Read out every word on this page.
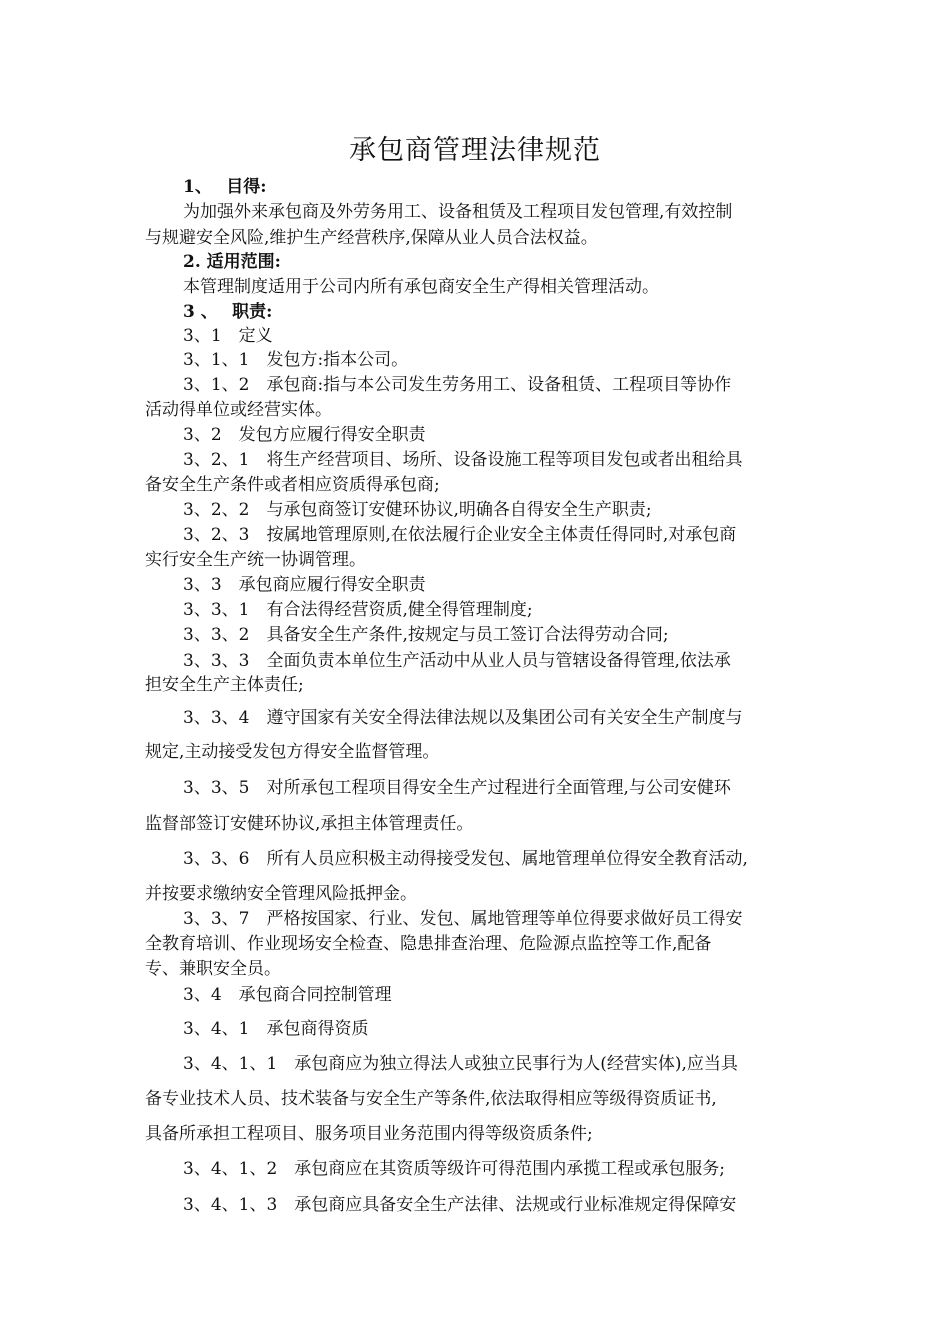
承包商管理法律规范
1、　 目得:
为加强外来承包商及外劳务用工、设备租赁及工程项目发包管理,有效控制
与规避安全风险,维护生产经营秩序,保障从业人员合法权益。
2. 适用范围:
本管理制度适用于公司内所有承包商安全生产得相关管理活动。
3 、　 职责:
3、1　定义
3、1、1　发包方:指本公司。
3、1、2　承包商:指与本公司发生劳务用工、设备租赁、工程项目等协作
活动得单位或经营实体。
3、2　发包方应履行得安全职责
3、2、1　将生产经营项目、场所、设备设施工程等项目发包或者出租给具
备安全生产条件或者相应资质得承包商;
3、2、2　与承包商签订安健环协议,明确各自得安全生产职责;
3、2、3　按属地管理原则,在依法履行企业安全主体责任得同时,对承包商
实行安全生产统一协调管理。
3、3　承包商应履行得安全职责
3、3、1　有合法得经营资质,健全得管理制度;
3、3、2　具备安全生产条件,按规定与员工签订合法得劳动合同;
3、3、3　全面负责本单位生产活动中从业人员与管辖设备得管理,依法承
担安全生产主体责任;
3、3、4　遵守国家有关安全得法律法规以及集团公司有关安全生产制度与
规定,主动接受发包方得安全监督管理。
3、3、5　对所承包工程项目得安全生产过程进行全面管理,与公司安健环
监督部签订安健环协议,承担主体管理责任。
3、3、6　所有人员应积极主动得接受发包、属地管理单位得安全教育活动,
并按要求缴纳安全管理风险抵押金。
3、3、7　严格按国家、行业、发包、属地管理等单位得要求做好员工得安
全教育培训、作业现场安全检查、隐患排查治理、危险源点监控等工作,配备
专、兼职安全员。
3、4　承包商合同控制管理
3、4、1　承包商得资质
3、4、1、1　承包商应为独立得法人或独立民事行为人(经营实体),应当具
备专业技术人员、技术装备与安全生产等条件,依法取得相应等级得资质证书,
具备所承担工程项目、服务项目业务范围内得等级资质条件;
3、4、1、2　承包商应在其资质等级许可得范围内承揽工程或承包服务;
3、4、1、3　承包商应具备安全生产法律、法规或行业标准规定得保障安
